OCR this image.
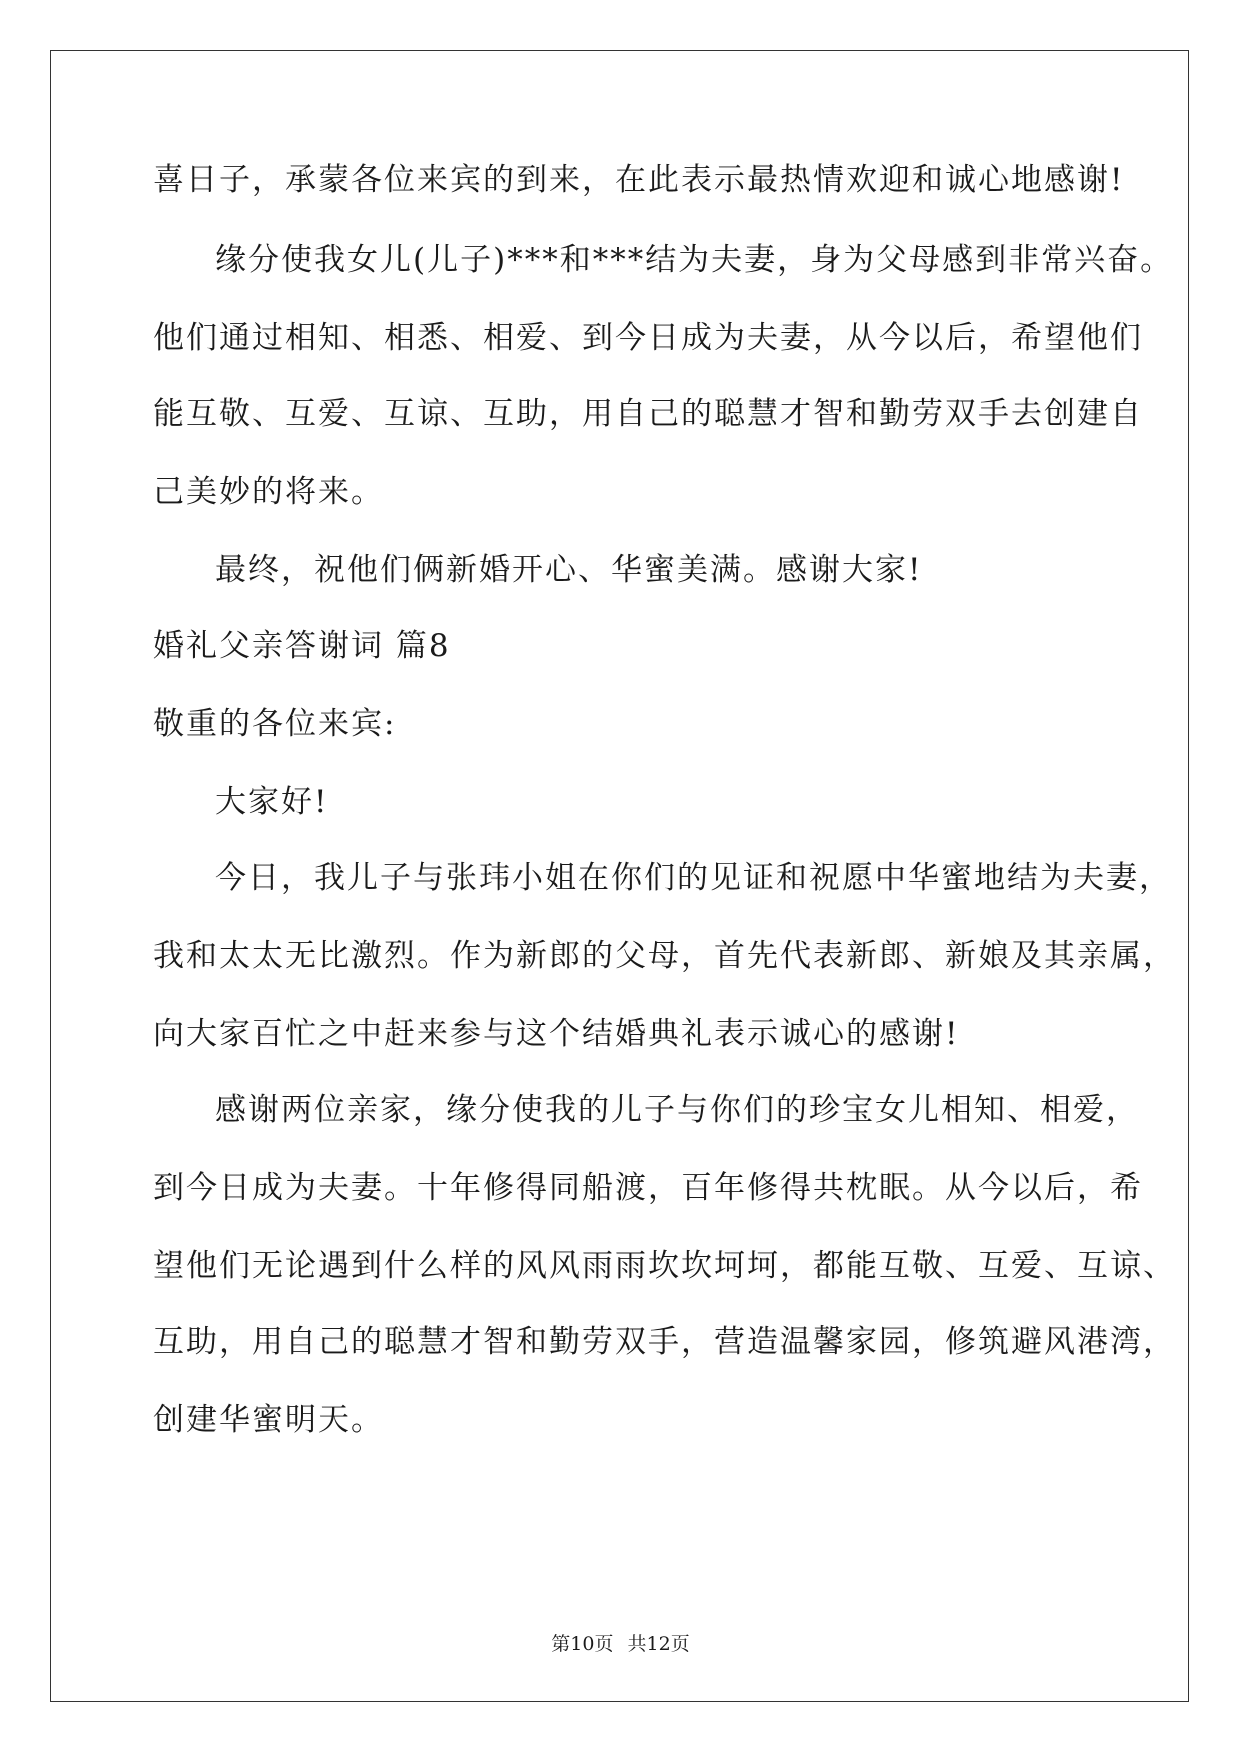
喜日子，承蒙各位来宾的到来，在此表示最热情欢迎和诚心地感谢!
缘分使我女儿(儿子)***和***结为夫妻，身为父母感到非常兴奋。
他们通过相知、相悉、相爱、到今日成为夫妻，从今以后，希望他们
能互敬、互爱、互谅、互助，用自己的聪慧才智和勤劳双手去创建自
己美妙的将来。
最终，祝他们俩新婚开心、华蜜美满。感谢大家!
婚礼父亲答谢词 篇8
敬重的各位来宾:
大家好!
今日，我儿子与张玮小姐在你们的见证和祝愿中华蜜地结为夫妻，
我和太太无比激烈。作为新郎的父母，首先代表新郎、新娘及其亲属，
向大家百忙之中赶来参与这个结婚典礼表示诚心的感谢!
感谢两位亲家，缘分使我的儿子与你们的珍宝女儿相知、相爱，
到今日成为夫妻。十年修得同船渡，百年修得共枕眠。从今以后，希
望他们无论遇到什么样的风风雨雨坎坎坷坷，都能互敬、互爱、互谅、
互助，用自己的聪慧才智和勤劳双手，营造温馨家园，修筑避风港湾，
创建华蜜明天。
第10页 共12页
